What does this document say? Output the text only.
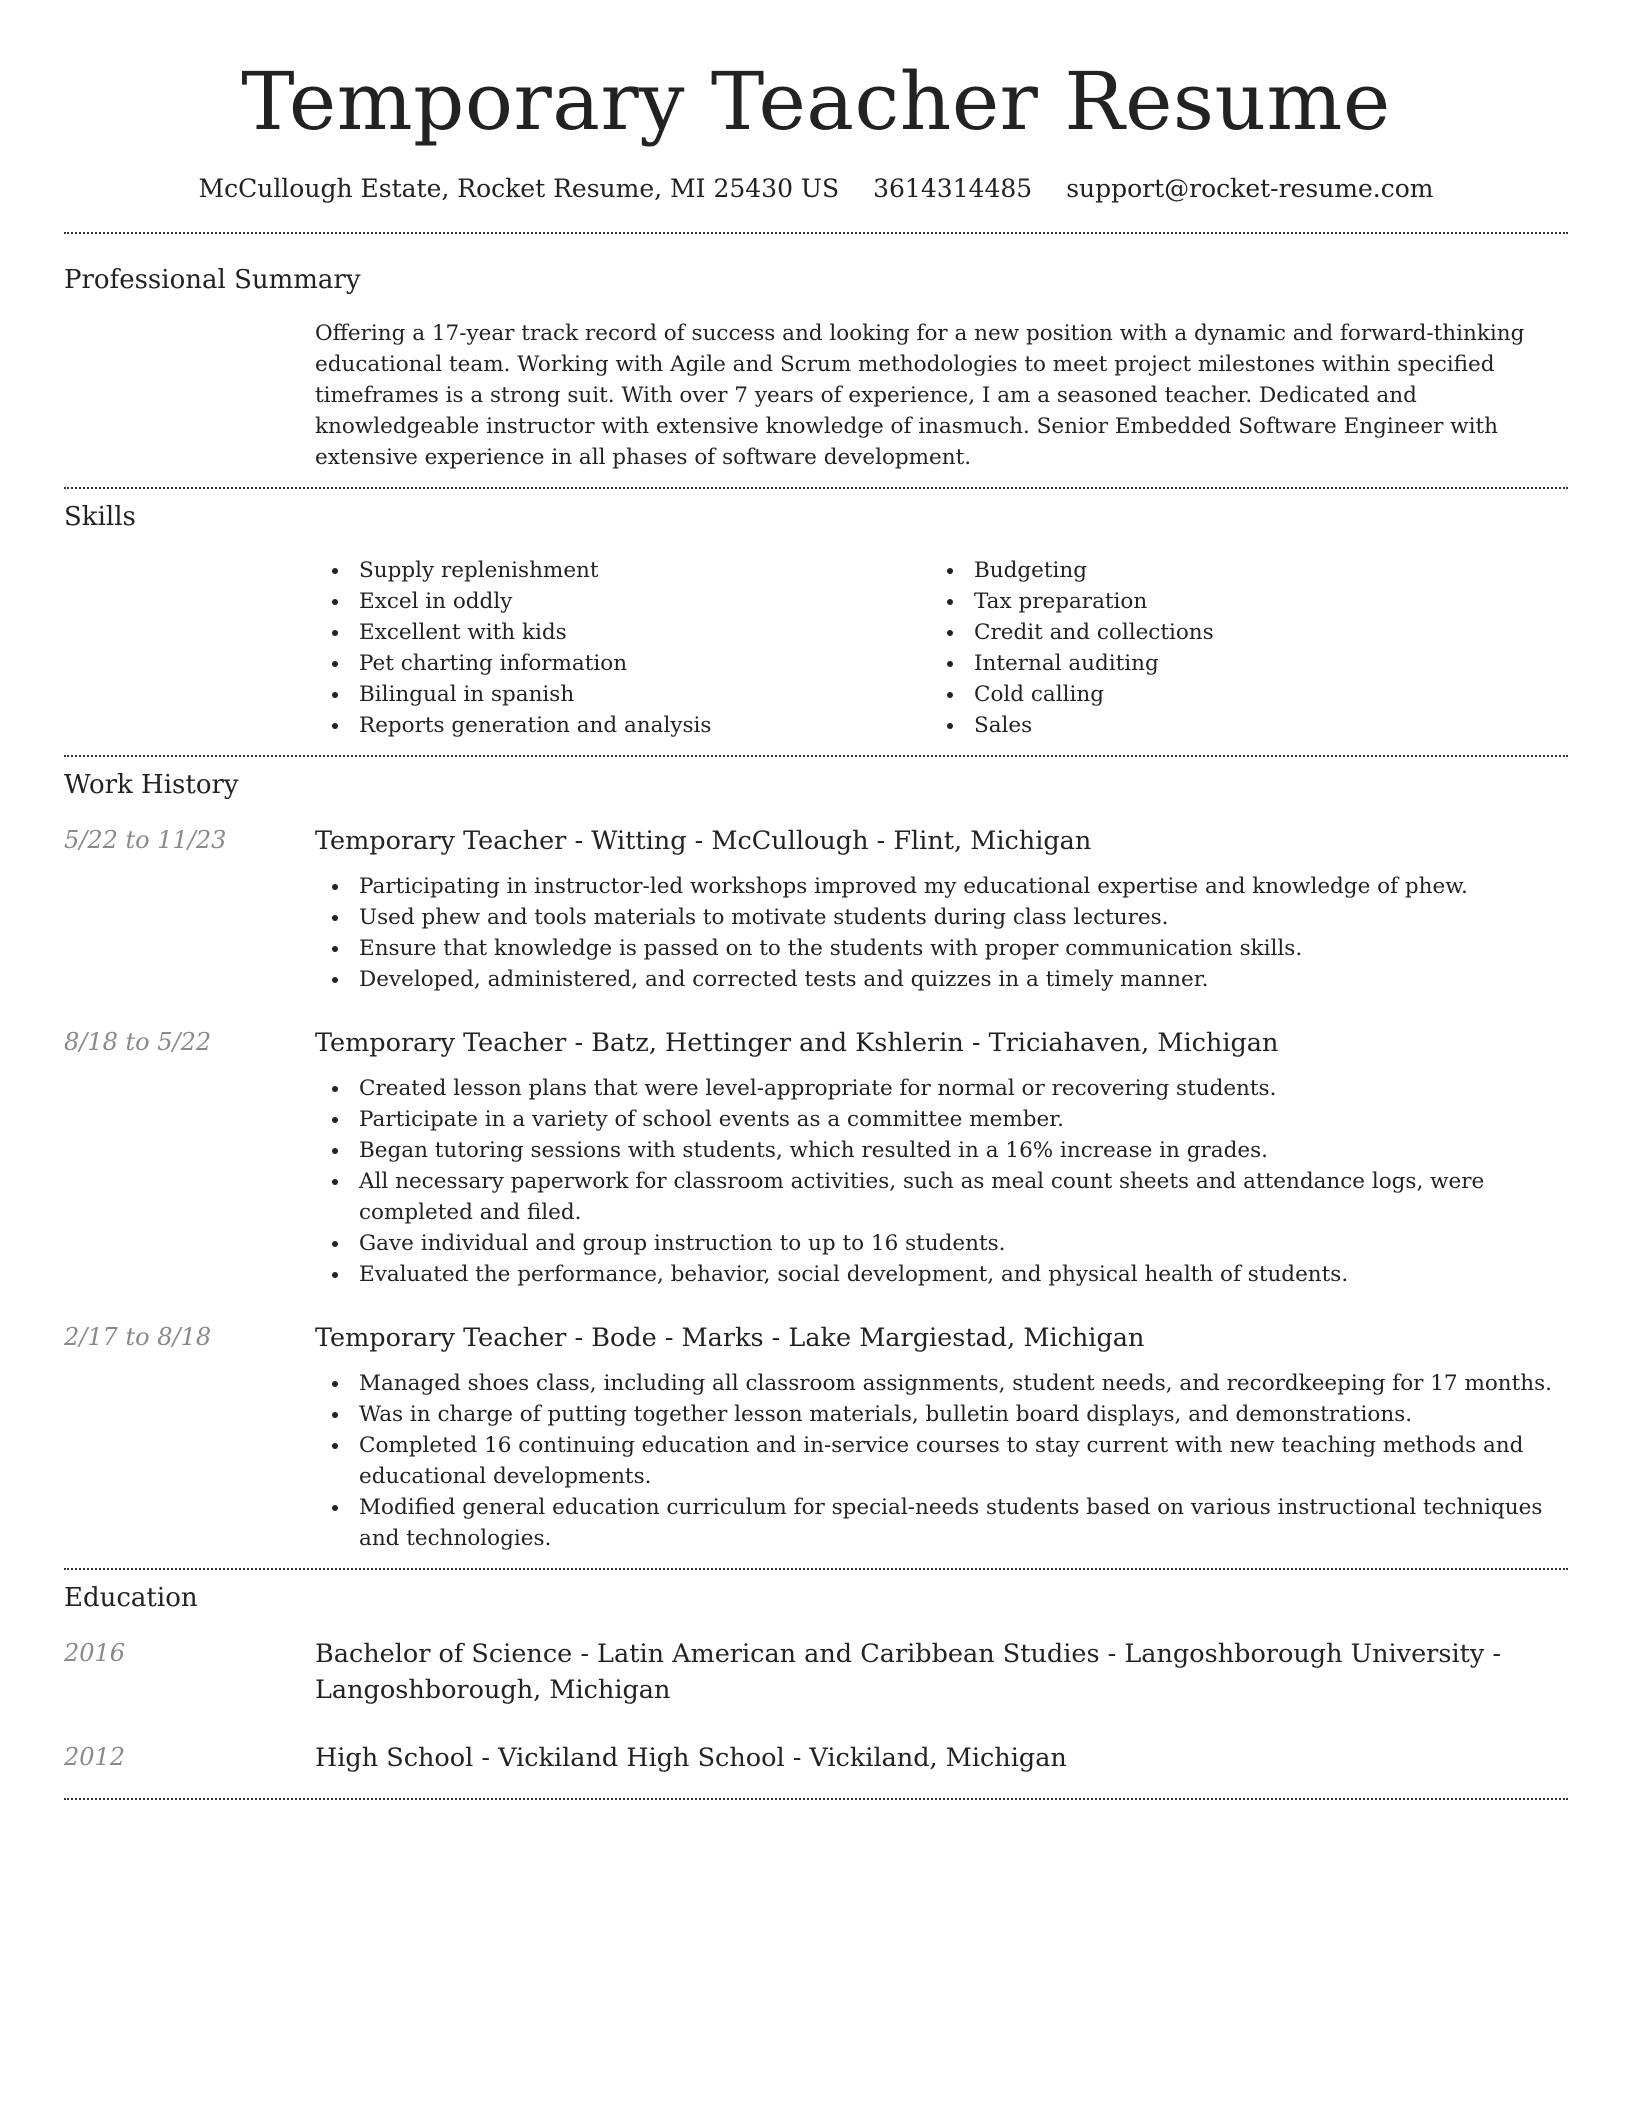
Temporary Teacher Resume
McCullough Estate, Rocket Resume, MI 25430 US 3614314485 support@rocket-resume.com
Professional Summary

Offering a 17-year track record of success and looking for a new position with a dynamic and forward-thinking educational team. Working with Agile and Scrum methodologies to meet project milestones within specified timeframes is a strong suit. With over 7 years of experience, I am a seasoned teacher. Dedicated and knowledgeable instructor with extensive knowledge of inasmuch. Senior Embedded Software Engineer with extensive experience in all phases of software development.

Skills
Supply replenishment
Excel in oddly
Excellent with kids
Pet charting information
Bilingual in spanish
Reports generation and analysis
Budgeting
Tax preparation
Credit and collections
Internal auditing
Cold calling
Sales
Work History
5/22 to 11/23	Temporary Teacher - Witting - McCullough - Flint, Michigan
Participating in instructor-led workshops improved my educational expertise and knowledge of phew.
Used phew and tools materials to motivate students during class lectures.
Ensure that knowledge is passed on to the students with proper communication skills.
Developed, administered, and corrected tests and quizzes in a timely manner.
8/18 to 5/22	Temporary Teacher - Batz, Hettinger and Kshlerin - Triciahaven, Michigan
Created lesson plans that were level-appropriate for normal or recovering students.
Participate in a variety of school events as a committee member.
Began tutoring sessions with students, which resulted in a 16% increase in grades.
All necessary paperwork for classroom activities, such as meal count sheets and attendance logs, were completed and filed.
Gave individual and group instruction to up to 16 students.
Evaluated the performance, behavior, social development, and physical health of students.
2/17 to 8/18	Temporary Teacher - Bode - Marks - Lake Margiestad, Michigan
Managed shoes class, including all classroom assignments, student needs, and recordkeeping for 17 months.
Was in charge of putting together lesson materials, bulletin board displays, and demonstrations.
Completed 16 continuing education and in-service courses to stay current with new teaching methods and educational developments.
Modified general education curriculum for special-needs students based on various instructional techniques and technologies.
Education
2016	Bachelor of Science - Latin American and Caribbean Studies - Langoshborough University - Langoshborough, Michigan
2012	High School - Vickiland High School - Vickiland, Michigan
